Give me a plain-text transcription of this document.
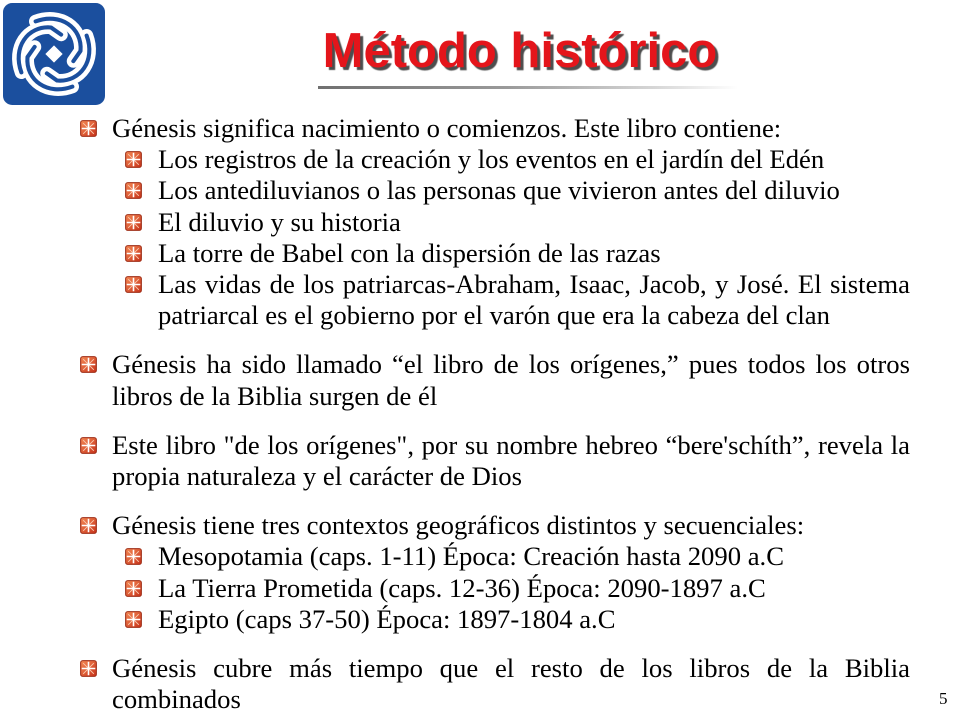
Método histórico
Génesis significa nacimiento o comienzos. Este libro contiene:
Los registros de la creación y los eventos en el jardín del Edén
Los antediluvianos o las personas que vivieron antes del diluvio
El diluvio y su historia
La torre de Babel con la dispersión de las razas
Las vidas de los patriarcas-Abraham, Isaac, Jacob, y José. El sistema patriarcal es el gobierno por el varón que era la cabeza del clan
Génesis ha sido llamado “el libro de los orígenes,” pues todos los otros libros de la Biblia surgen de él
Este libro "de los orígenes", por su nombre hebreo “bere'schíth”, revela la propia naturaleza y el carácter de Dios
Génesis tiene tres contextos geográficos distintos y secuenciales:
Mesopotamia (caps. 1-11) Época: Creación hasta 2090 a.C
La Tierra Prometida (caps. 12-36) Época: 2090-1897 a.C
Egipto (caps 37-50) Época: 1897-1804 a.C
Génesis cubre más tiempo que el resto de los libros de la Biblia combinados	5
